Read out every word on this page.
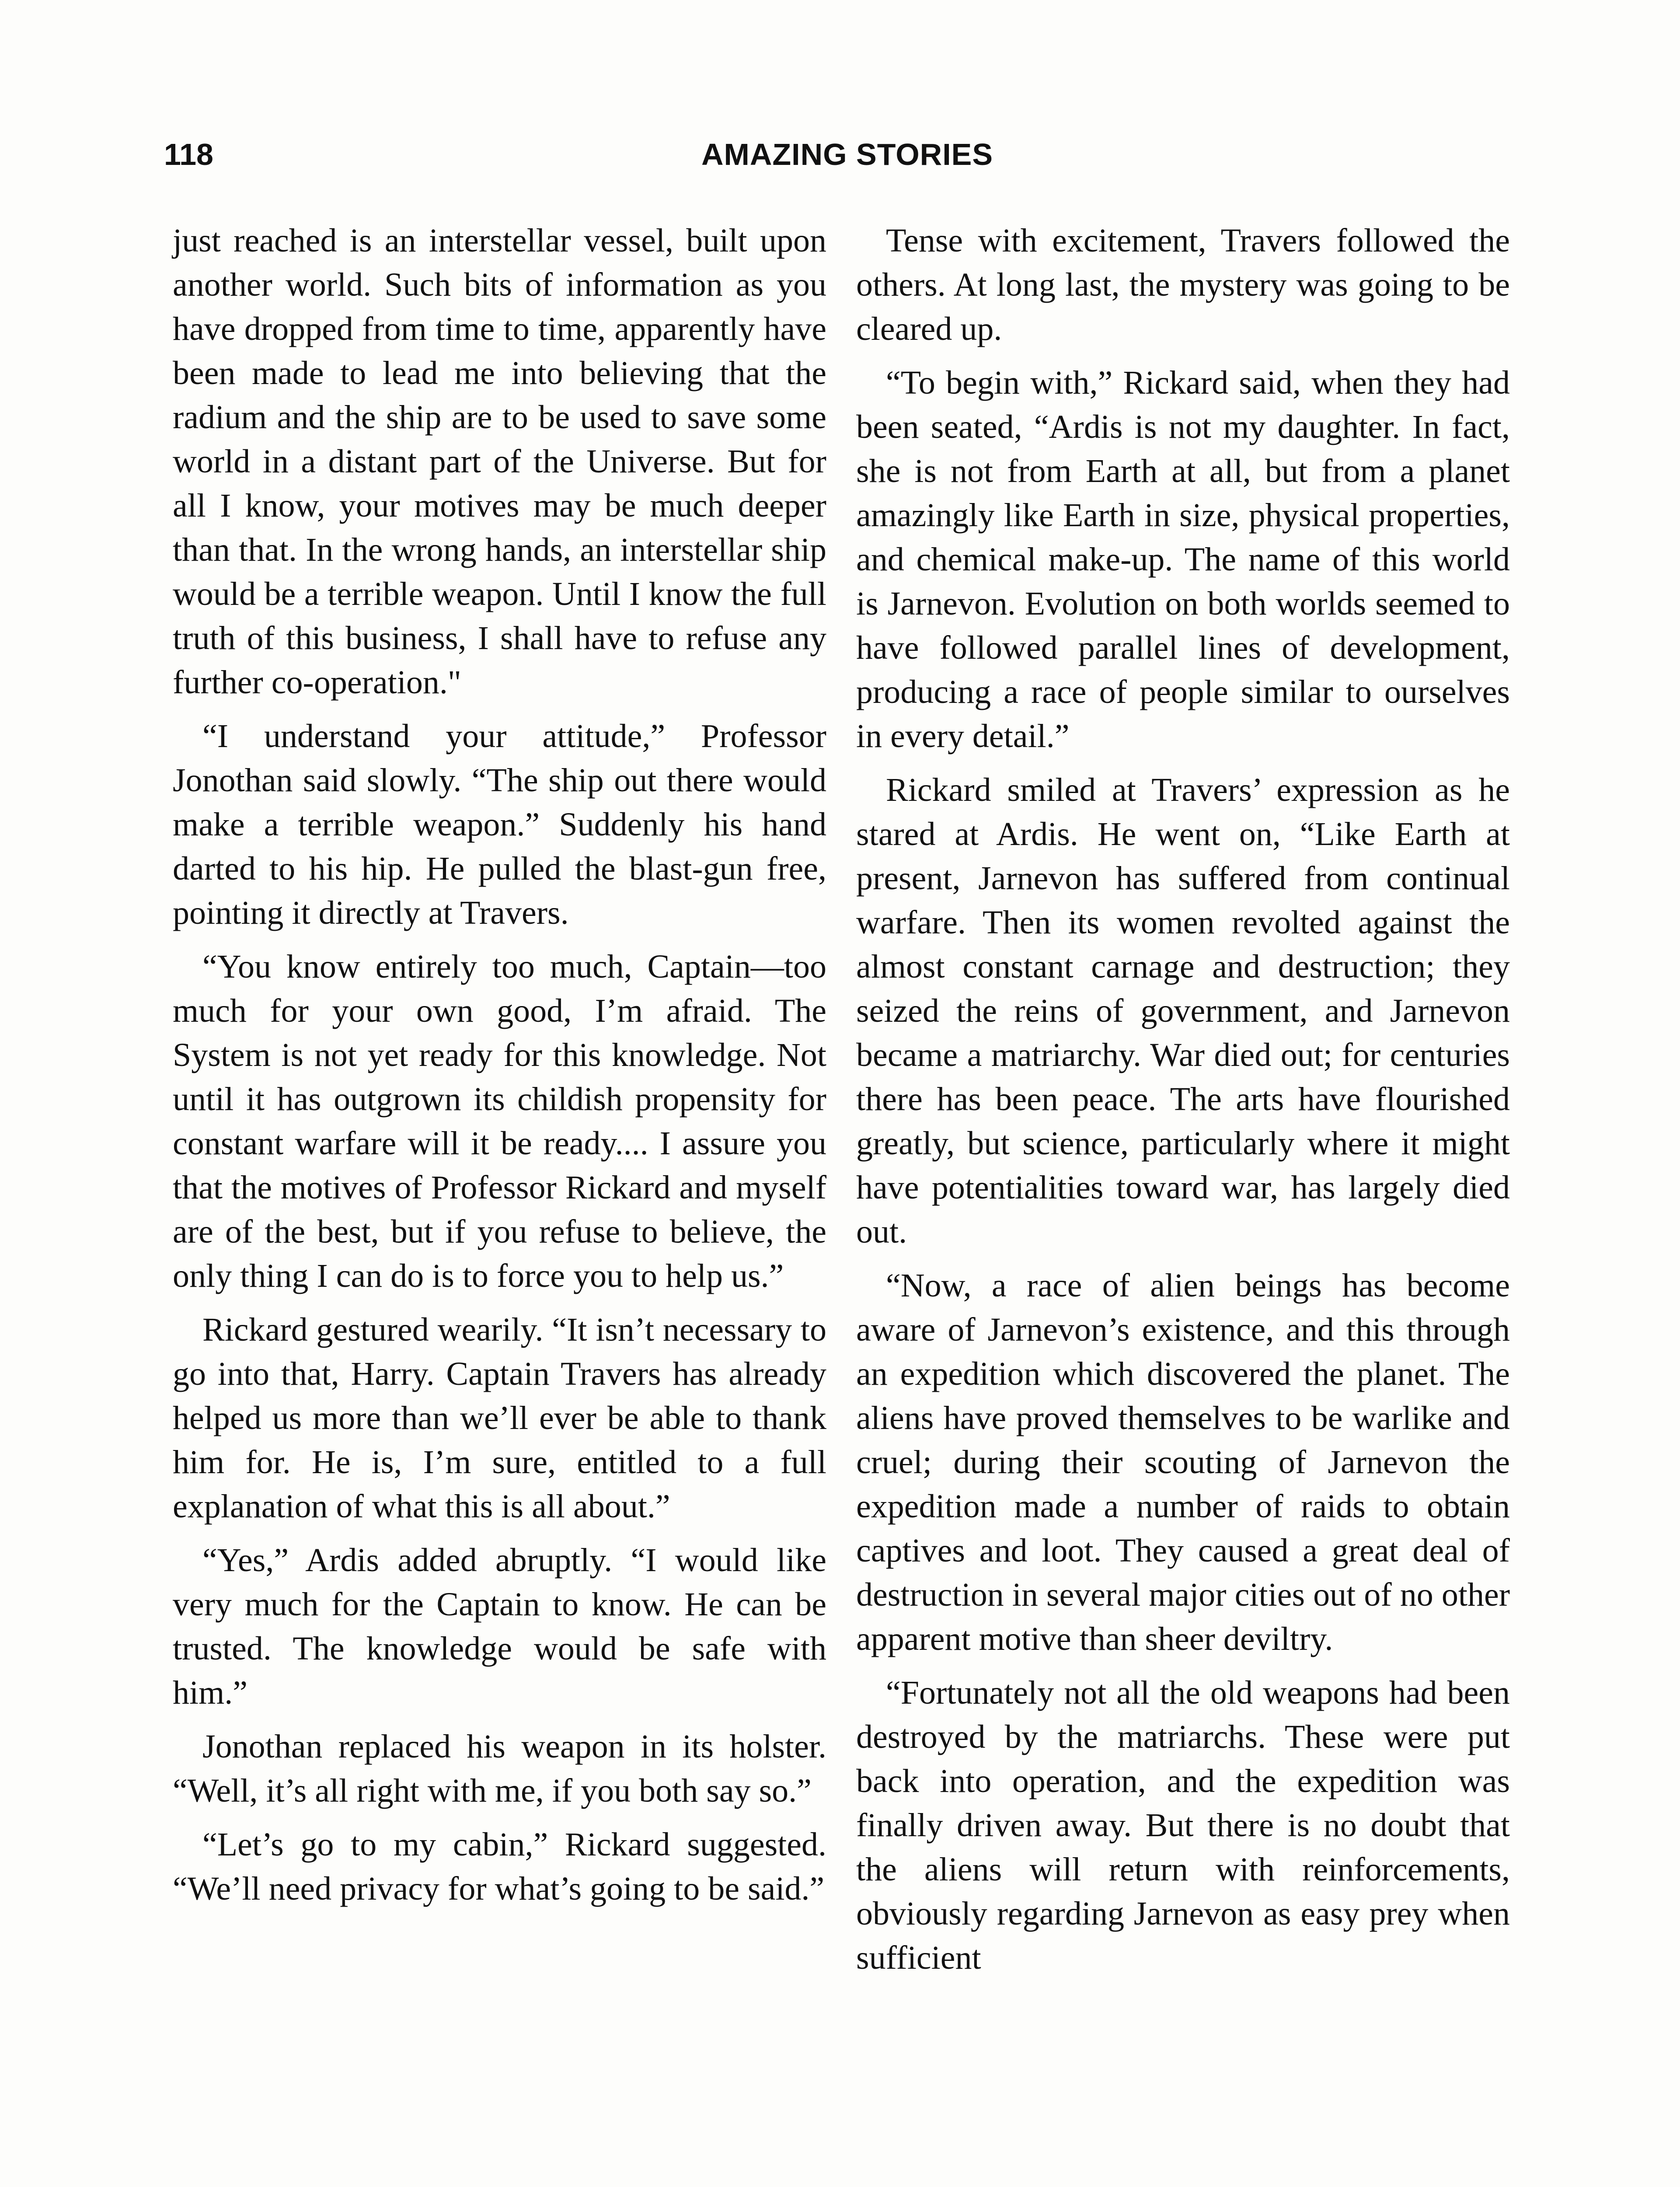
118	AMAZING STORIES

just reached is an interstellar vessel, built upon another world. Such bits of information as you have dropped from time to time, apparently have been made to lead me into believing that the radium and the ship are to be used to save some world in a distant part of the Universe. But for all I know, your motives may be much deeper than that. In the wrong hands, an interstellar ship would be a terrible weapon. Until I know the full truth of this business, I shall have to refuse any further co-operation."

“I understand your attitude,” Professor Jonothan said slowly. “The ship out there would make a terrible weapon.” Suddenly his hand darted to his hip. He pulled the blast-gun free, pointing it directly at Travers.

“You know entirely too much, Captain—too much for your own good, I’m afraid. The System is not yet ready for this knowledge. Not until it has outgrown its childish propensity for constant warfare will it be ready.... I assure you that the motives of Professor Rickard and myself are of the best, but if you refuse to believe, the only thing I can do is to force you to help us.”

Rickard gestured wearily. “It isn’t necessary to go into that, Harry. Captain Travers has already helped us more than we’ll ever be able to thank him for. He is, I’m sure, entitled to a full explanation of what this is all about.”

“Yes,” Ardis added abruptly. “I would like very much for the Captain to know. He can be trusted. The knowledge would be safe with him.”

Jonothan replaced his weapon in its holster. “Well, it’s all right with me, if you both say so.”

“Let’s go to my cabin,” Rickard suggested. “We’ll need privacy for what’s going to be said.”

Tense with excitement, Travers followed the others. At long last, the mystery was going to be cleared up.

“To begin with,” Rickard said, when they had been seated, “Ardis is not my daughter. In fact, she is not from Earth at all, but from a planet amazingly like Earth in size, physical properties, and chemical make-up. The name of this world is Jarnevon. Evolution on both worlds seemed to have followed parallel lines of development, producing a race of people similar to ourselves in every detail.”

Rickard smiled at Travers’ expression as he stared at Ardis. He went on, “Like Earth at present, Jarnevon has suffered from continual warfare. Then its women revolted against the almost constant carnage and destruction; they seized the reins of government, and Jarnevon became a matriarchy. War died out; for centuries there has been peace. The arts have flourished greatly, but science, particularly where it might have potentialities toward war, has largely died out.

“Now, a race of alien beings has become aware of Jarnevon’s existence, and this through an expedition which discovered the planet. The aliens have proved themselves to be warlike and cruel; during their scouting of Jarnevon the expedition made a number of raids to obtain captives and loot. They caused a great deal of destruction in several major cities out of no other apparent motive than sheer deviltry.

“Fortunately not all the old weapons had been destroyed by the matriarchs. These were put back into operation, and the expedition was finally driven away. But there is no doubt that the aliens will return with reinforcements, obviously regarding Jarnevon as easy prey when sufficient
